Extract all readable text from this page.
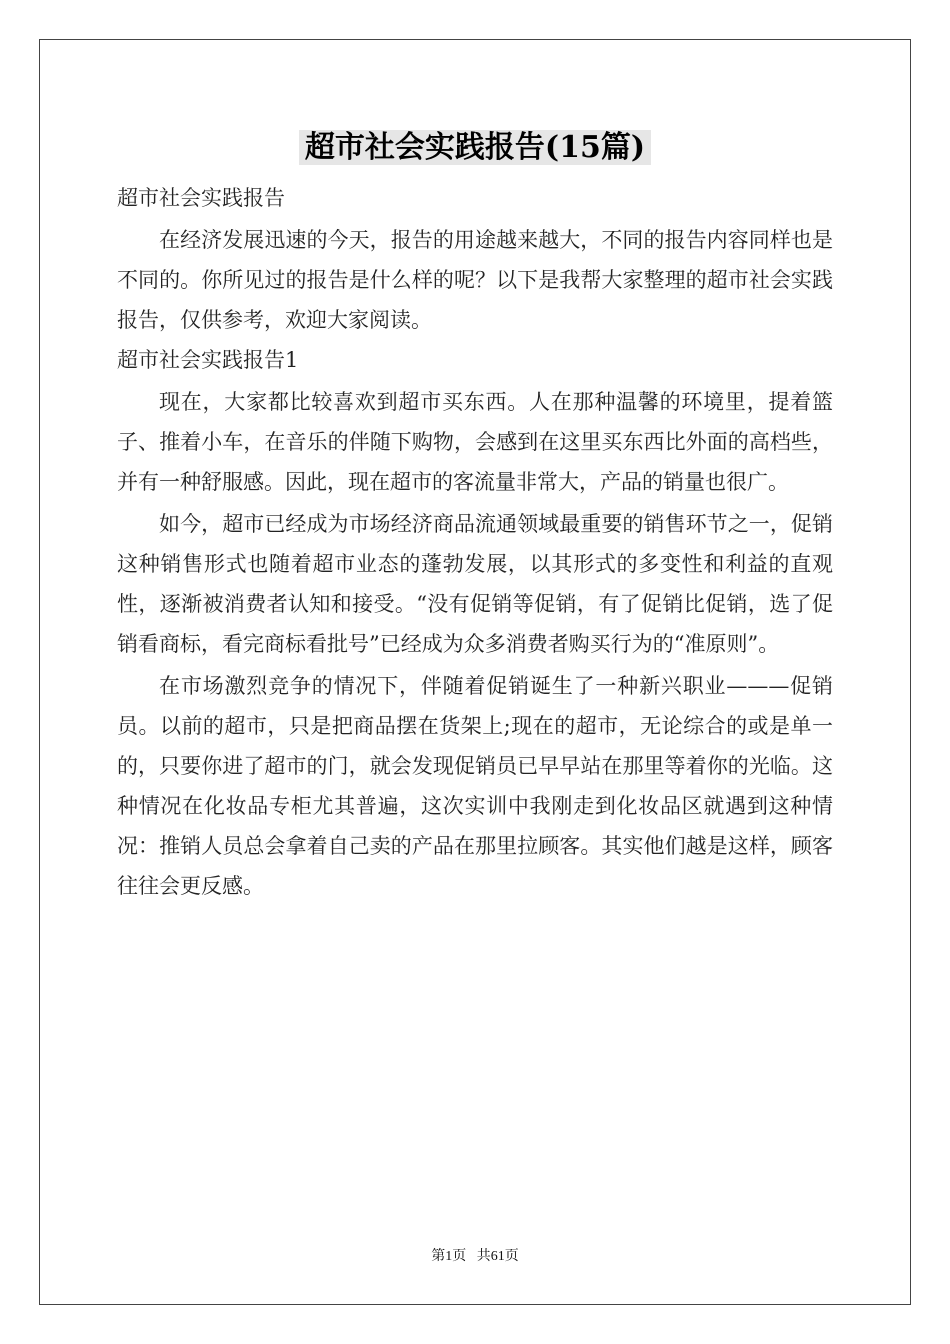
超市社会实践报告(15篇)

超市社会实践报告

在经济发展迅速的今天，报告的用途越来越大，不同的报告内容同样也是不同的。你所见过的报告是什么样的呢？以下是我帮大家整理的超市社会实践报告，仅供参考，欢迎大家阅读。

超市社会实践报告1

现在，大家都比较喜欢到超市买东西。人在那种温馨的环境里，提着篮子、推着小车，在音乐的伴随下购物，会感到在这里买东西比外面的高档些，并有一种舒服感。因此，现在超市的客流量非常大，产品的销量也很广。

如今，超市已经成为市场经济商品流通领域最重要的销售环节之一，促销这种销售形式也随着超市业态的蓬勃发展，以其形式的多变性和利益的直观性，逐渐被消费者认知和接受。“没有促销等促销，有了促销比促销，选了促销看商标，看完商标看批号”已经成为众多消费者购买行为的“准原则”。

在市场激烈竞争的情况下，伴随着促销诞生了一种新兴职业———促销员。以前的超市，只是把商品摆在货架上;现在的超市，无论综合的或是单一的，只要你进了超市的门，就会发现促销员已早早站在那里等着你的光临。这种情况在化妆品专柜尤其普遍，这次实训中我刚走到化妆品区就遇到这种情况：推销人员总会拿着自己卖的产品在那里拉顾客。其实他们越是这样，顾客往往会更反感。

第1页   共61页
